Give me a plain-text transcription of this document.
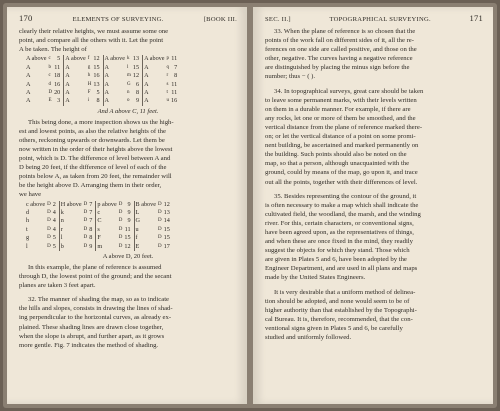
170	ELEMENTS OF SURVEYING.	[BOOK III.

clearly their relative heights, we must assume some one

point, and compare all the others with it. Let the point

A be taken. The height of

A above	c	5	A above	f	12	A above	k	13	A above	p	11
A	b	11	A	g	15	A	l	15	A	q	7
A	c	18	A	h	16	A	m	12	A	r	8
A	d	16	A	H	13	A	G	6	A	s	11
A	D	20	A	F	5	A	n	8	A	t	11
A	E	3	A	i	8	A	o	9	A	u	16
And A above C, 11 feet.

This being done, a more inspection shows us the high-

est and lowest points, as also the relative heights of the

others, reckoning upwards or downwards. Let them be

now written in the order of their heights above the lowest

point, which is D. The difference of level between A and

D being 20 feet, if the difference of level of each of the

points below A, as taken from 20 feet, the remainder will

be the height above D. Arranging them in their order,

we have

c above	D	2	H above	D	7	p above	D	9	B above	D	12
d	D	4	k	D	7	c	D	9	L	D	13
h	D	4	n	D	7	C	D	9	G	D	14
t	D	4	r	D	8	s	D	11	u	D	15
g	D	5	l	D	8	F	D	15	f	D	15
l	D	5	b	D	9	m	D	12	E	D	17
A above D, 20 feet.

In this example, the plane of reference is assumed

through D, the lowest point of the ground; and the secant

planes are taken 3 feet apart.

32. The manner of shading the map, so as to indicate

the hills and slopes, consists in drawing the lines of shad-

ing perpendicular to the horizontal curves, as already ex-

plained. These shading lines are drawn close together,

when the slope is abrupt, and further apart, as it grows

more gentle. Fig. 7 indicates the method of shading.

SEC. II.]	TOPOGRAPHICAL SURVEYING.	171

33. When the plane of reference is so chosen that the

points of the work fall on different sides of it, all the re-

ferences on one side are called positive, and those on the

other, negative. The curves having a negative reference

are distinguished by placing the minus sign before the

number; thus − ( ).

34. In topographical surveys, great care should be taken

to leave some permanent marks, with their levels written

on them in a durable manner. For example, if there are

any rocks, let one or more of them be smoothed, and the

vertical distance from the plane of reference marked there-

on; or let the vertical distance of a point on some promi-

nent building, be ascertained and marked permanently on

the building. Such points should also be noted on the

map, so that a person, although unacquainted with the

ground, could by means of the map, go upon it, and trace

out all the points, together with their differences of level.

35. Besides representing the contour of the ground, it

is often necessary to make a map which shall indicate the

cultivated field, the woodland, the marsh, and the winding

river. For this, certain characters, or conventional signs,

have been agreed upon, as the representatives of things,

and when these are once fixed in the mind, they readily

suggest the objects for which they stand. Those which

are given in Plates 5 and 6, have been adopted by the

Engineer Department, and are used in all plans and maps

made by the United States Engineers.

It is very desirable that a uniform method of delinea-

tion should be adopted, and none would seem to be of

higher authority than that established by the Topographi-

cal Bureau. It is, therefore, recommended, that the con-

ventional signs given in Plates 5 and 6, be carefully

studied and uniformly followed.
